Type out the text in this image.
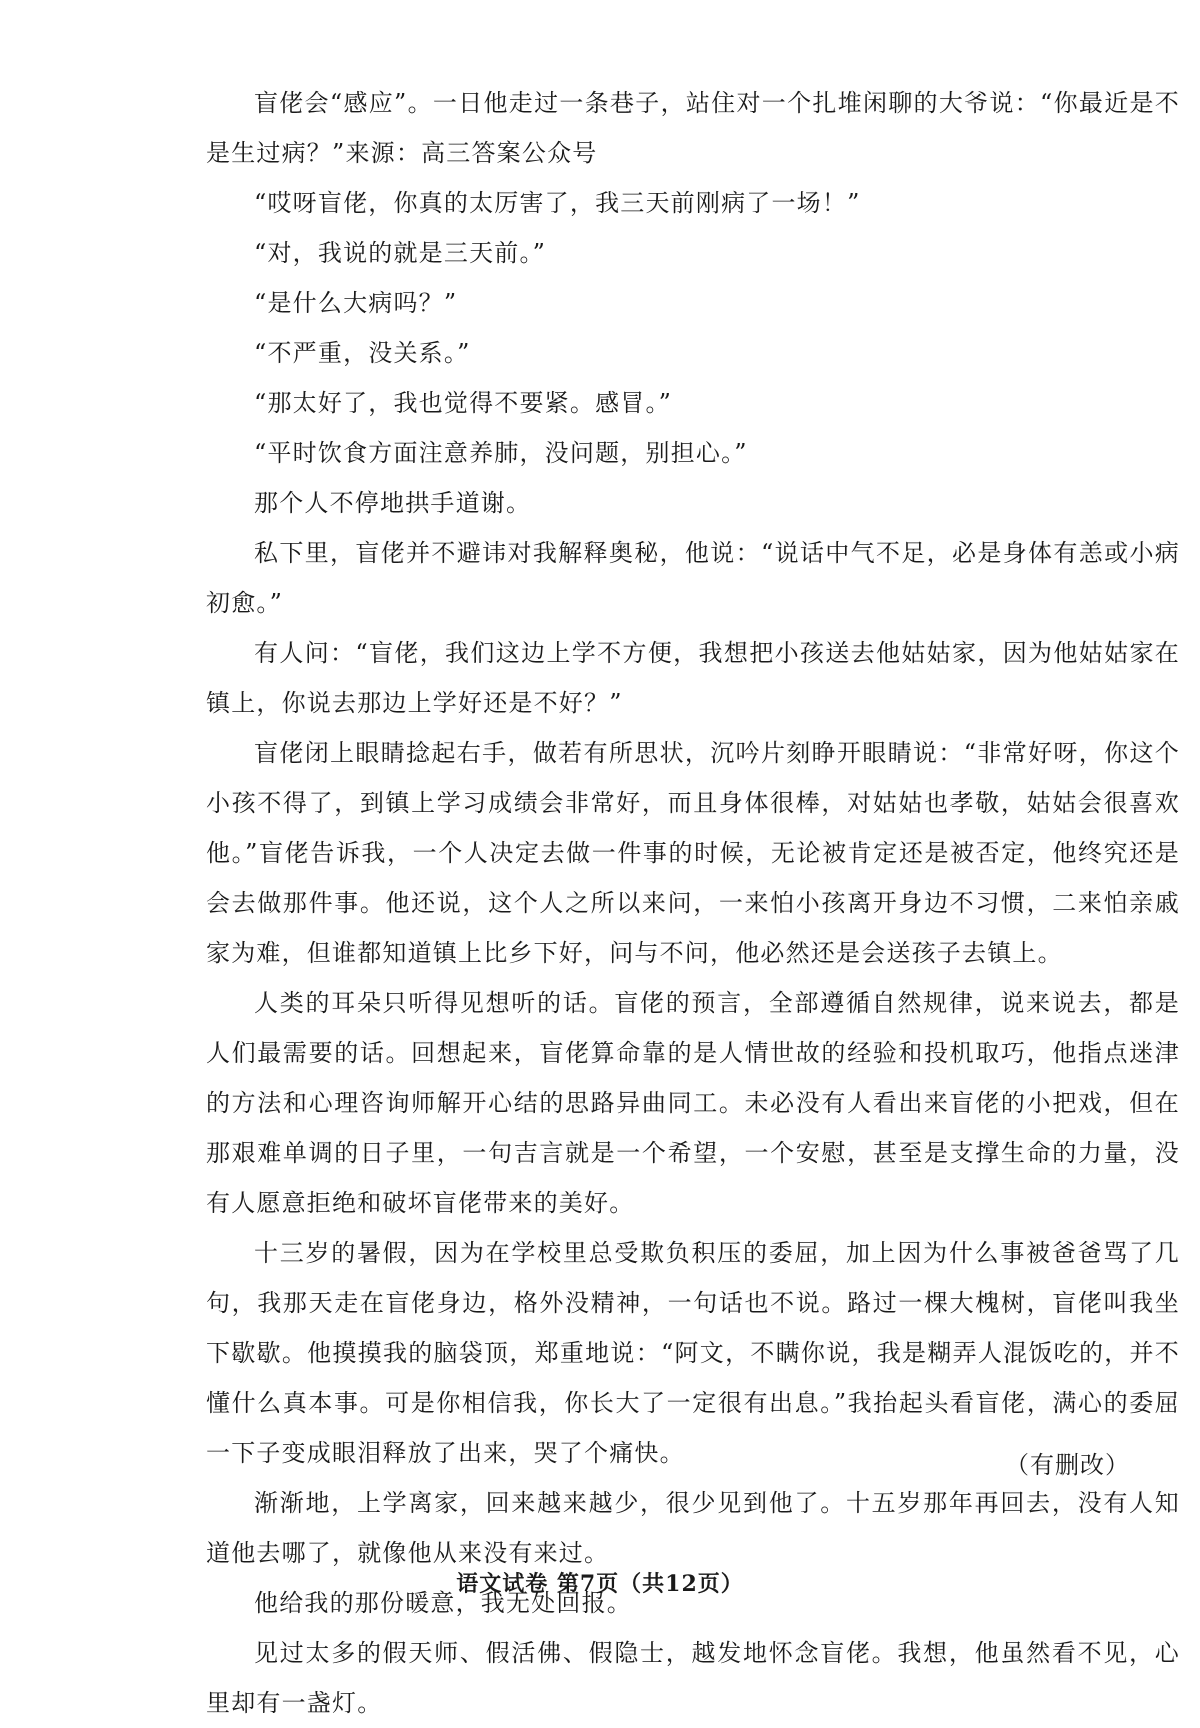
盲佬会“感应”。一日他走过一条巷子，站住对一个扎堆闲聊的大爷说：“你最近是不是生过病？”来源：高三答案公众号

“哎呀盲佬，你真的太厉害了，我三天前刚病了一场！”

“对，我说的就是三天前。”

“是什么大病吗？”

“不严重，没关系。”

“那太好了，我也觉得不要紧。感冒。”

“平时饮食方面注意养肺，没问题，别担心。”

那个人不停地拱手道谢。

私下里，盲佬并不避讳对我解释奥秘，他说：“说话中气不足，必是身体有恙或小病初愈。”

有人问：“盲佬，我们这边上学不方便，我想把小孩送去他姑姑家，因为他姑姑家在镇上，你说去那边上学好还是不好？”

盲佬闭上眼睛捻起右手，做若有所思状，沉吟片刻睁开眼睛说：“非常好呀，你这个小孩不得了，到镇上学习成绩会非常好，而且身体很棒，对姑姑也孝敬，姑姑会很喜欢他。”盲佬告诉我，一个人决定去做一件事的时候，无论被肯定还是被否定，他终究还是会去做那件事。他还说，这个人之所以来问，一来怕小孩离开身边不习惯，二来怕亲戚家为难，但谁都知道镇上比乡下好，问与不问，他必然还是会送孩子去镇上。

人类的耳朵只听得见想听的话。盲佬的预言，全部遵循自然规律，说来说去，都是人们最需要的话。回想起来，盲佬算命靠的是人情世故的经验和投机取巧，他指点迷津的方法和心理咨询师解开心结的思路异曲同工。未必没有人看出来盲佬的小把戏，但在那艰难单调的日子里，一句吉言就是一个希望，一个安慰，甚至是支撑生命的力量，没有人愿意拒绝和破坏盲佬带来的美好。

十三岁的暑假，因为在学校里总受欺负积压的委屈，加上因为什么事被爸爸骂了几句，我那天走在盲佬身边，格外没精神，一句话也不说。路过一棵大槐树，盲佬叫我坐下歇歇。他摸摸我的脑袋顶，郑重地说：“阿文，不瞒你说，我是糊弄人混饭吃的，并不懂什么真本事。可是你相信我，你长大了一定很有出息。”我抬起头看盲佬，满心的委屈一下子变成眼泪释放了出来，哭了个痛快。

渐渐地，上学离家，回来越来越少，很少见到他了。十五岁那年再回去，没有人知道他去哪了，就像他从来没有来过。

他给我的那份暖意，我无处回报。

见过太多的假天师、假活佛、假隐士，越发地怀念盲佬。我想，他虽然看不见，心里却有一盏灯。

（有删改）
语文试卷 第7页（共12页）
